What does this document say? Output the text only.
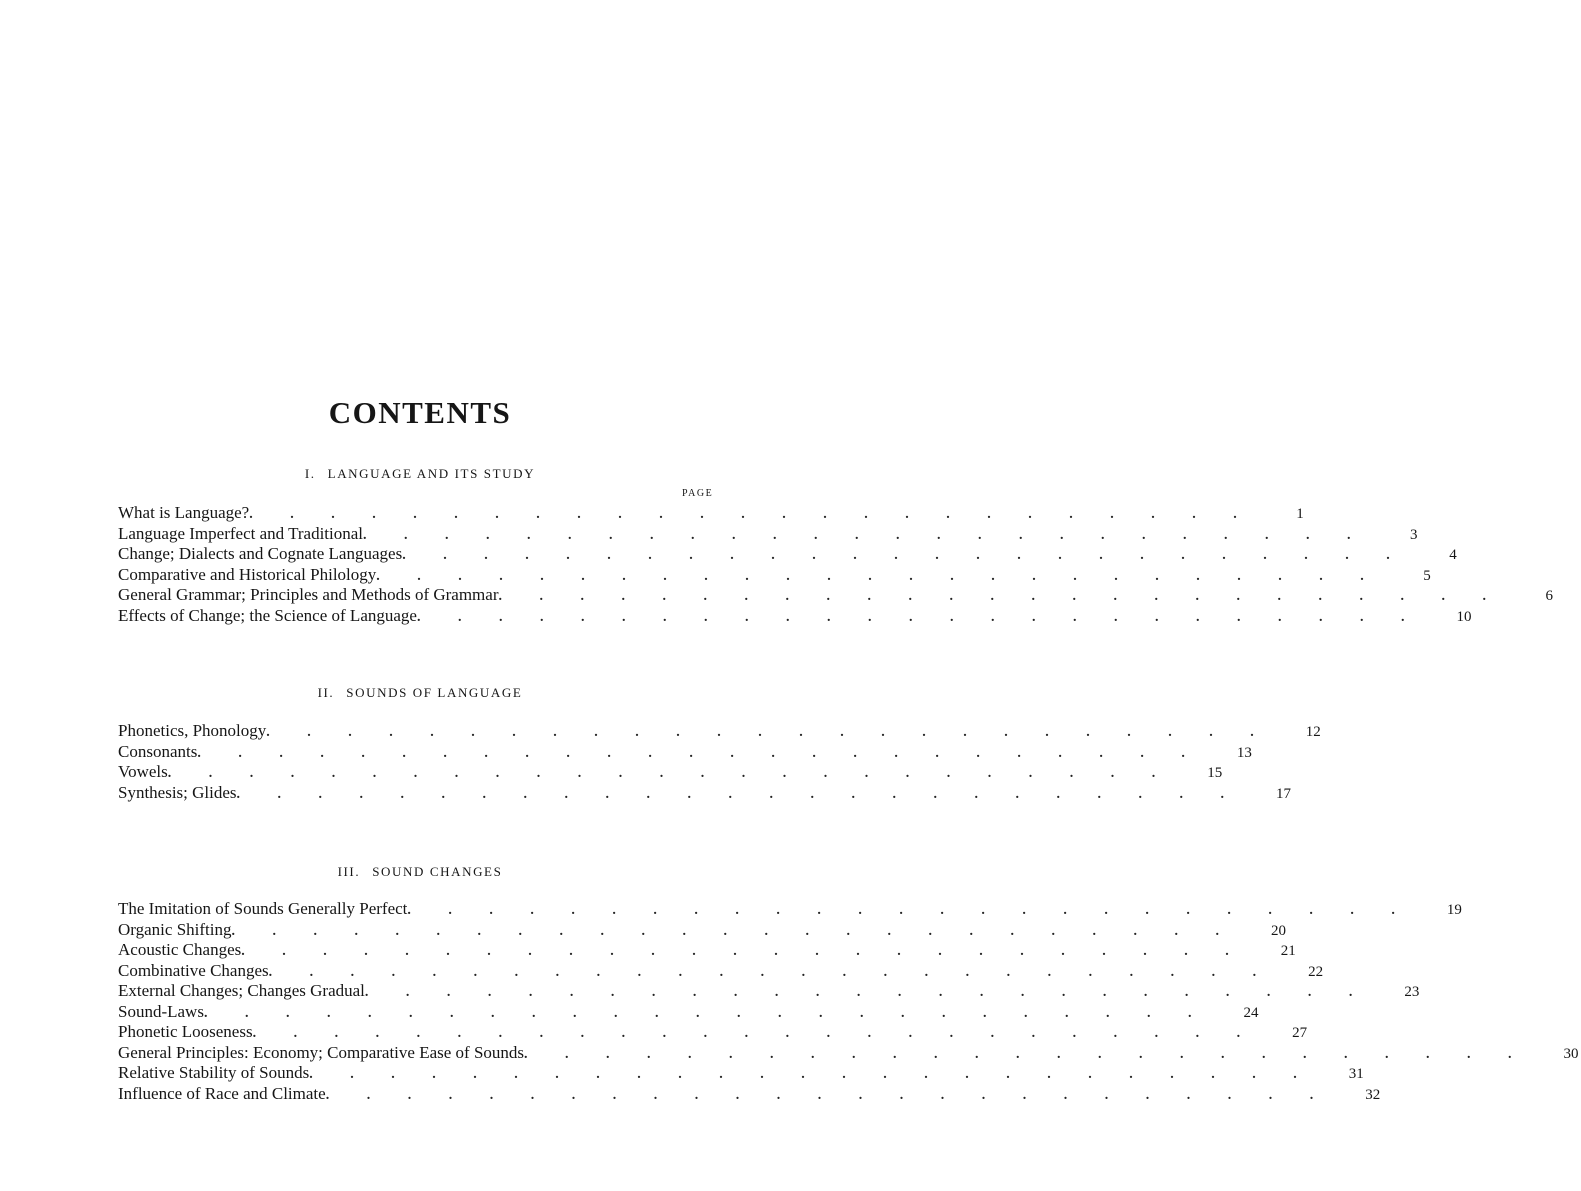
CONTENTS
I. LANGUAGE AND ITS STUDY
PAGE
What is Language? . . . . . . . . . . . . . . . . . . . . . . . . .	1
Language Imperfect and Traditional . . . . . . . . . . . . . . . . . . . . . . . . .	3
Change; Dialects and Cognate Languages . . . . . . . . . . . . . . . . . . . . . . . . .	4
Comparative and Historical Philology . . . . . . . . . . . . . . . . . . . . . . . . .	5
General Grammar; Principles and Methods of Grammar . . . . . . . . . . . . . . . . . . . . . . . . .	6
Effects of Change; the Science of Language . . . . . . . . . . . . . . . . . . . . . . . . .	10
II. SOUNDS OF LANGUAGE
Phonetics, Phonology . . . . . . . . . . . . . . . . . . . . . . . . .	12
Consonants . . . . . . . . . . . . . . . . . . . . . . . . .	13
Vowels . . . . . . . . . . . . . . . . . . . . . . . . .	15
Synthesis; Glides . . . . . . . . . . . . . . . . . . . . . . . . .	17
III. SOUND CHANGES
The Imitation of Sounds Generally Perfect . . . . . . . . . . . . . . . . . . . . . . . . .	19
Organic Shifting . . . . . . . . . . . . . . . . . . . . . . . . .	20
Acoustic Changes . . . . . . . . . . . . . . . . . . . . . . . . .	21
Combinative Changes . . . . . . . . . . . . . . . . . . . . . . . . .	22
External Changes; Changes Gradual . . . . . . . . . . . . . . . . . . . . . . . . .	23
Sound-Laws . . . . . . . . . . . . . . . . . . . . . . . . .	24
Phonetic Looseness . . . . . . . . . . . . . . . . . . . . . . . . .	27
General Principles: Economy; Comparative Ease of Sounds . . . . . . . . . . . . . . . . . . . . . . . . .	30
Relative Stability of Sounds . . . . . . . . . . . . . . . . . . . . . . . . .	31
Influence of Race and Climate . . . . . . . . . . . . . . . . . . . . . . . . .	32
